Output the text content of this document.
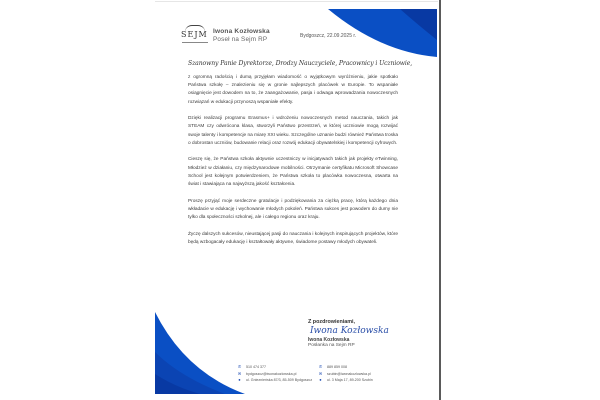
SEJM Iwona Kozłowska
Poseł na Sejm RP	Bydgoszcz, 22.09.2025 r.
Szanowny Panie Dyrektorze, Drodzy Nauczyciele, Pracownicy i Uczniowie,

z ogromną radością i dumą przyjęłam wiadomość o wyjątkowym wyróżnieniu, jakie spotkało Państwa szkołę – znalezieniu się w gronie najlepszych placówek w Europie. To wspaniałe osiągnięcie jest dowodem na to, że zaangażowanie, pasja i odwaga wprowadzania nowoczesnych rozwiązań w edukacji przynoszą wspaniałe efekty.

Dzięki realizacji programu Erasmus+ i wdrożeniu nowoczesnych metod nauczania, takich jak STEAM czy odwrócona klasa, stworzyli Państwo przestrzeń, w której uczniowie mogą rozwijać swoje talenty i kompetencje na miarę XXI wieku. Szczególne uznanie budzi również Państwa troska o dobrostan uczniów, budowanie relacji oraz rozwój edukacji obywatelskiej i kompetencji cyfrowych.

Cieszę się, że Państwa szkoła aktywnie uczestniczy w inicjatywach takich jak projekty eTwinning, Młodzież w działaniu, czy międzynarodowe mobilności. Otrzymanie certyfikatu Microsoft Showcase School jest kolejnym potwierdzeniem, że Państwa szkoła to placówka nowoczesna, otwarta na świat i stawiająca na najwyższą jakość kształcenia.

Proszę przyjąć moje serdeczne gratulacje i podziękowania za ciężką pracę, którą każdego dnia wkładacie w edukację i wychowanie młodych pokoleń. Państwa sukces jest powodem do dumy nie tylko dla społeczności szkolnej, ale i całego regionu oraz kraju.

Życzę dalszych sukcesów, nieustającej pasji do nauczania i kolejnych inspirujących projektów, które będą wzbogacały edukację i kształtowały aktywne, świadome postawy młodych obywateli.

Z pozdrowieniami,
Iwona Kozłowska
Iwona Kozłowska
Posłanka na Sejm RP
✆ 510 474 377
✉ bydgoszcz@iwonakozlowska.pl
●	ul. Gnieznieńska 87/3, 85-509 Bydgoszcz
✆ 889 859 008
✉ szubin@iwonakozlowska.pl
●	ul. 3 Maja 17, 89-200 Szubin
